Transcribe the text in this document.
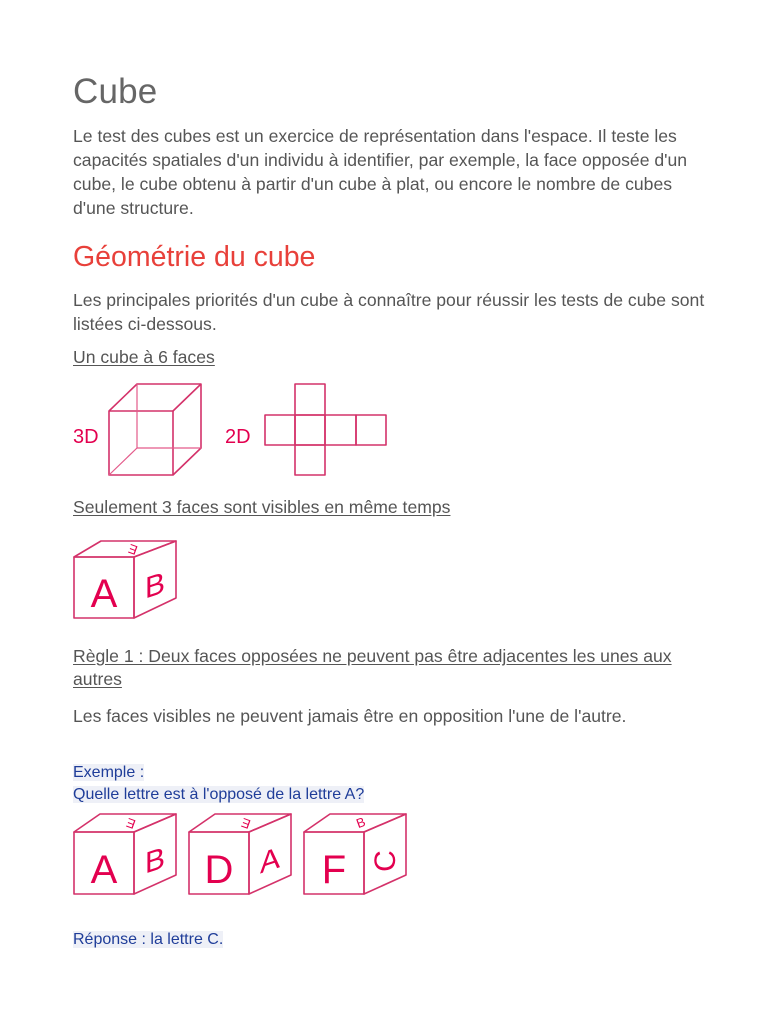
Cube

Le test des cubes est un exercice de représentation dans l'espace. Il teste les capacités spatiales d'un individu à identifier, par exemple, la face opposée d'un cube, le cube obtenu à partir d'un cube à plat, ou encore le nombre de cubes d'une structure.

Géométrie du cube

Les principales priorités d'un cube à connaître pour réussir les tests de cube sont listées ci-dessous.

Un cube à 6 faces

3D	2D

Seulement 3 faces sont visibles en même temps

A B
E

Règle 1 : Deux faces opposées ne peuvent pas être adjacentes les unes aux autres

Les faces visibles ne peuvent jamais être en opposition l'une de l'autre.

Exemple :

Quelle lettre est à l'opposé de la lettre A?

A B
E
D A
E
F C
B

Réponse : la lettre C.
